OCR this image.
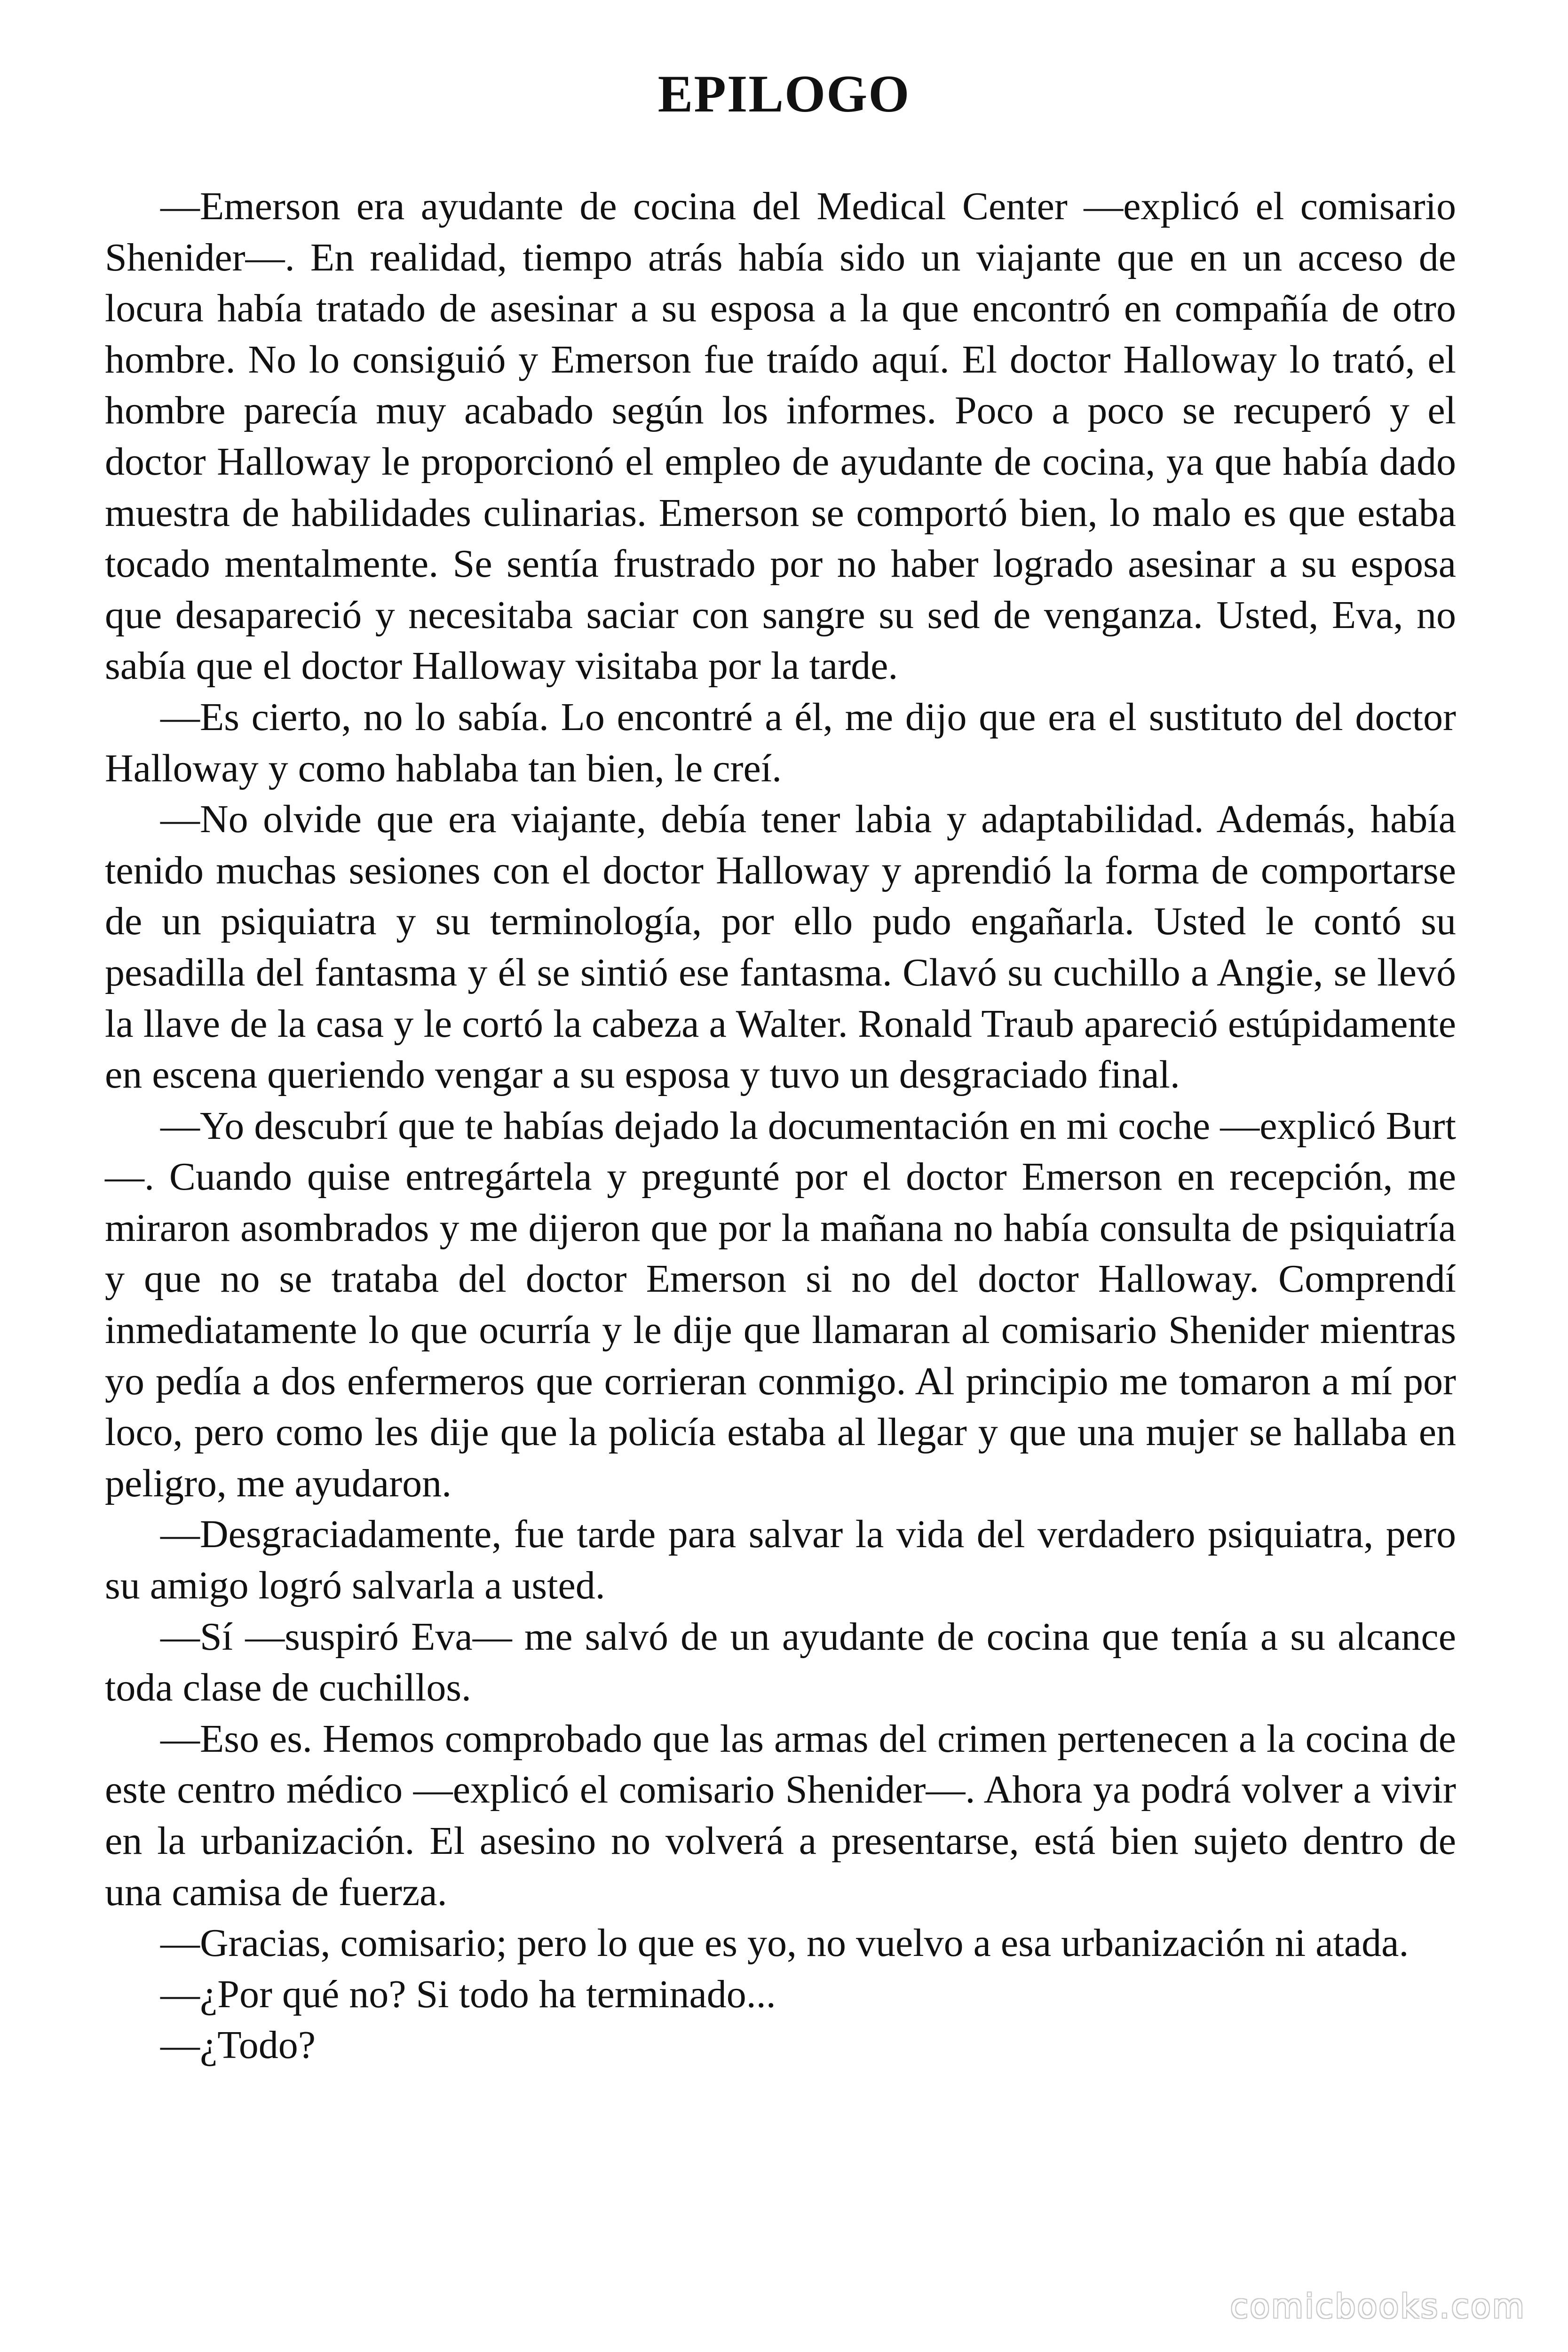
EPILOGO

—Emerson era ayudante de cocina del Medical Center —explicó el comisario Shenider—. En realidad, tiempo atrás había sido un viajante que en un acceso de locura había tratado de asesinar a su esposa a la que encontró en compañía de otro hombre. No lo consiguió y Emerson fue traído aquí. El doctor Halloway lo trató, el hombre parecía muy acabado según los informes. Poco a poco se recuperó y el doctor Halloway le proporcionó el empleo de ayudante de cocina, ya que había dado muestra de habilidades culinarias. Emerson se comportó bien, lo malo es que estaba tocado mentalmente. Se sentía frustrado por no haber logrado asesinar a su esposa que desapareció y necesitaba saciar con sangre su sed de venganza. Usted, Eva, no sabía que el doctor Halloway visitaba por la tarde.

—Es cierto, no lo sabía. Lo encontré a él, me dijo que era el sustituto del doctor Halloway y como hablaba tan bien, le creí.

—No olvide que era viajante, debía tener labia y adaptabilidad. Además, había tenido muchas sesiones con el doctor Halloway y aprendió la forma de comportarse de un psiquiatra y su terminología, por ello pudo engañarla. Usted le contó su pesadilla del fantasma y él se sintió ese fantasma. Clavó su cuchillo a Angie, se llevó la llave de la casa y le cortó la cabeza a Walter. Ronald Traub apareció estúpidamente en escena queriendo vengar a su esposa y tuvo un desgraciado final.

—Yo descubrí que te habías dejado la documentación en mi coche —explicó Burt—. Cuando quise entregártela y pregunté por el doctor Emerson en recepción, me miraron asombrados y me dijeron que por la mañana no había consulta de psiquiatría y que no se trataba del doctor Emerson si no del doctor Halloway. Comprendí inmediatamente lo que ocurría y le dije que llamaran al comisario Shenider mientras yo pedía a dos enfermeros que corrieran conmigo. Al principio me tomaron a mí por loco, pero como les dije que la policía estaba al llegar y que una mujer se hallaba en peligro, me ayudaron.

—Desgraciadamente, fue tarde para salvar la vida del verdadero psiquiatra, pero su amigo logró salvarla a usted.

—Sí —suspiró Eva— me salvó de un ayudante de cocina que tenía a su alcance toda clase de cuchillos.

—Eso es. Hemos comprobado que las armas del crimen pertenecen a la cocina de este centro médico —explicó el comisario Shenider—. Ahora ya podrá volver a vivir en la urbanización. El asesino no volverá a presentarse, está bien sujeto dentro de una camisa de fuerza.

—Gracias, comisario; pero lo que es yo, no vuelvo a esa urbanización ni atada.

—¿Por qué no? Si todo ha terminado...

—¿Todo?

comicbooks.com
